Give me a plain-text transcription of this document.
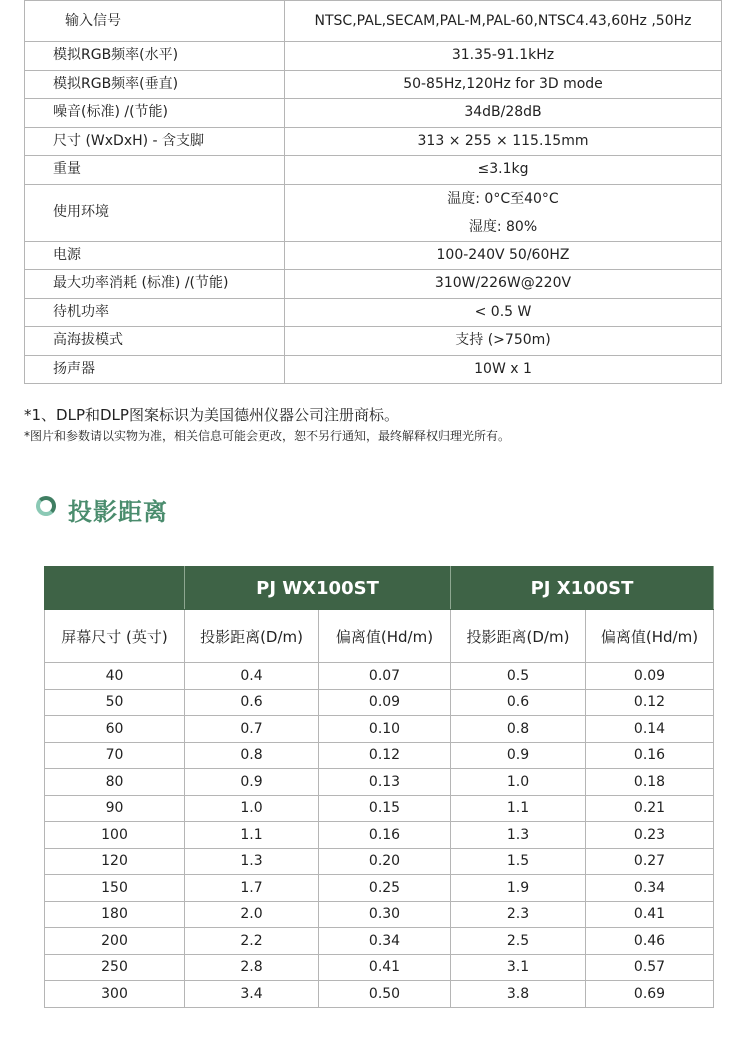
输入信号	NTSC,PAL,SECAM,PAL-M,PAL-60,NTSC4.43,60Hz ,50Hz
模拟RGB频率(水平)	31.35-91.1kHz
模拟RGB频率(垂直)	50-85Hz,120Hz for 3D mode
噪音(标准) /(节能)	34dB/28dB
尺寸 (WxDxH) - 含支脚	313 × 255 × 115.15mm
重量	≤3.1kg
使用环境	温度: 0°C至40°C
湿度: 80%

电源	100-240V 50/60HZ
最大功率消耗 (标准) /(节能)	310W/226W@220V
待机功率	< 0.5 W
高海拔模式	支持 (>750m)
扬声器	10W x 1
*1、DLP和DLP图案标识为美国德州仪器公司注册商标。
*图片和参数请以实物为准，相关信息可能会更改，恕不另行通知，最终解释权归理光所有。
投影距离
	PJ WX100ST		PJ X100ST	
屏幕尺寸 (英寸)	投影距离(D/m)	偏离值(Hd/m)	投影距离(D/m)	偏离值(Hd/m)
40	0.4	0.07	0.5	0.09
50	0.6	0.09	0.6	0.12
60	0.7	0.10	0.8	0.14
70	0.8	0.12	0.9	0.16
80	0.9	0.13	1.0	0.18
90	1.0	0.15	1.1	0.21
100	1.1	0.16	1.3	0.23
120	1.3	0.20	1.5	0.27
150	1.7	0.25	1.9	0.34
180	2.0	0.30	2.3	0.41
200	2.2	0.34	2.5	0.46
250	2.8	0.41	3.1	0.57
300	3.4	0.50	3.8	0.69
